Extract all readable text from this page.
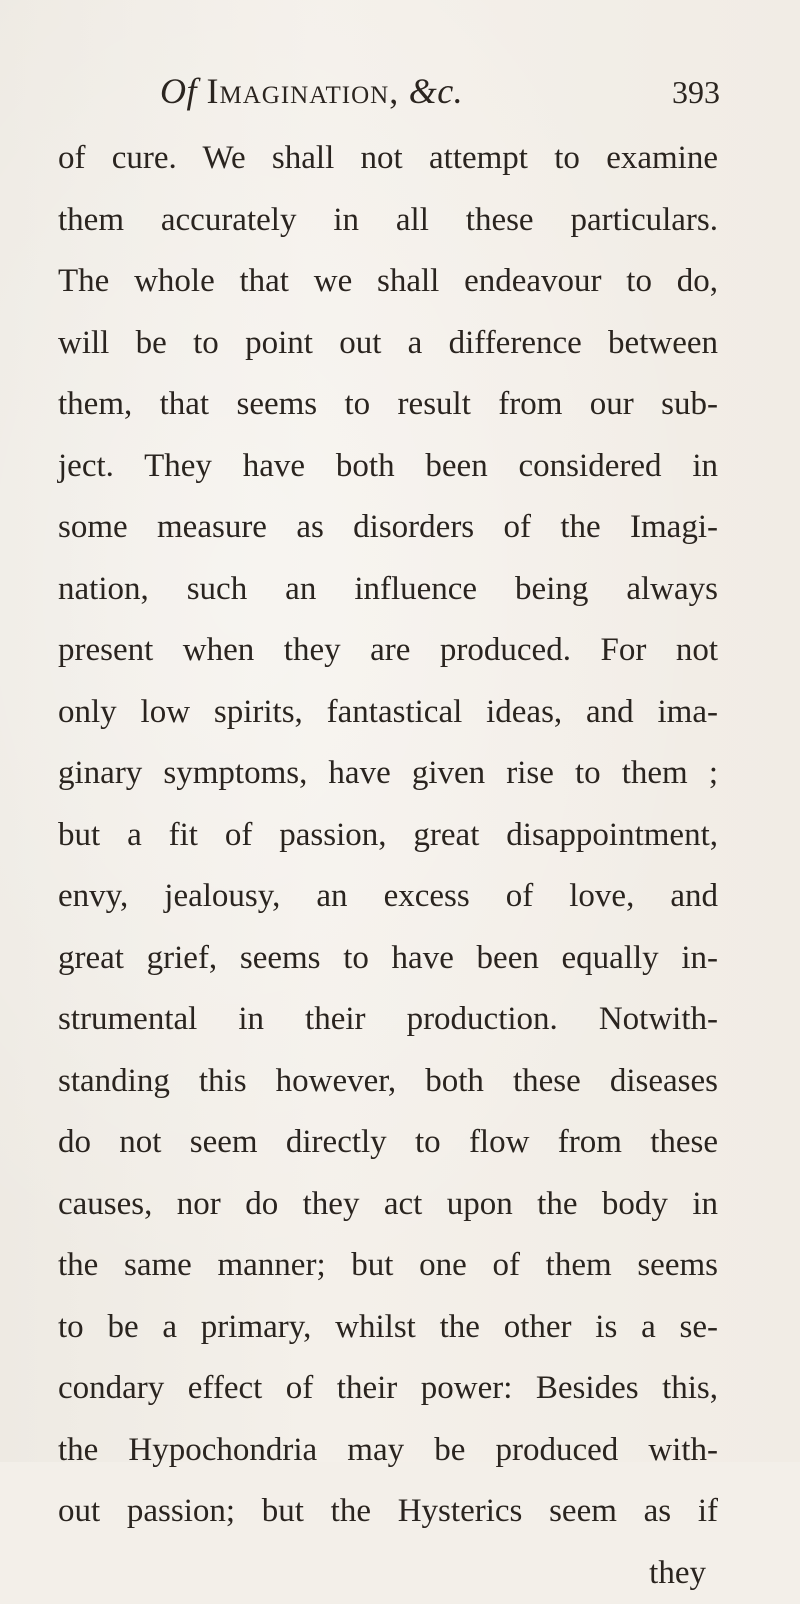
Of Imagination, &c.	393
of cure. We shall not attempt to examine
them accurately in all these particulars.
The whole that we shall endeavour to do,
will be to point out a difference between
them, that seems to result from our sub-
ject. They have both been considered in
some measure as disorders of the Imagi-
nation, such an influence being always
present when they are produced. For not
only low spirits, fantastical ideas, and ima-
ginary symptoms, have given rise to them ;
but a fit of passion, great disappointment,
envy, jealousy, an excess of love, and
great grief, seems to have been equally in-
strumental in their production. Notwith-
standing this however, both these diseases
do not seem directly to flow from these
causes, nor do they act upon the body in
the same manner; but one of them seems
to be a primary, whilst the other is a se-
condary effect of their power: Besides this,
the Hypochondria may be produced with-
out passion; but the Hysterics seem as if
they
